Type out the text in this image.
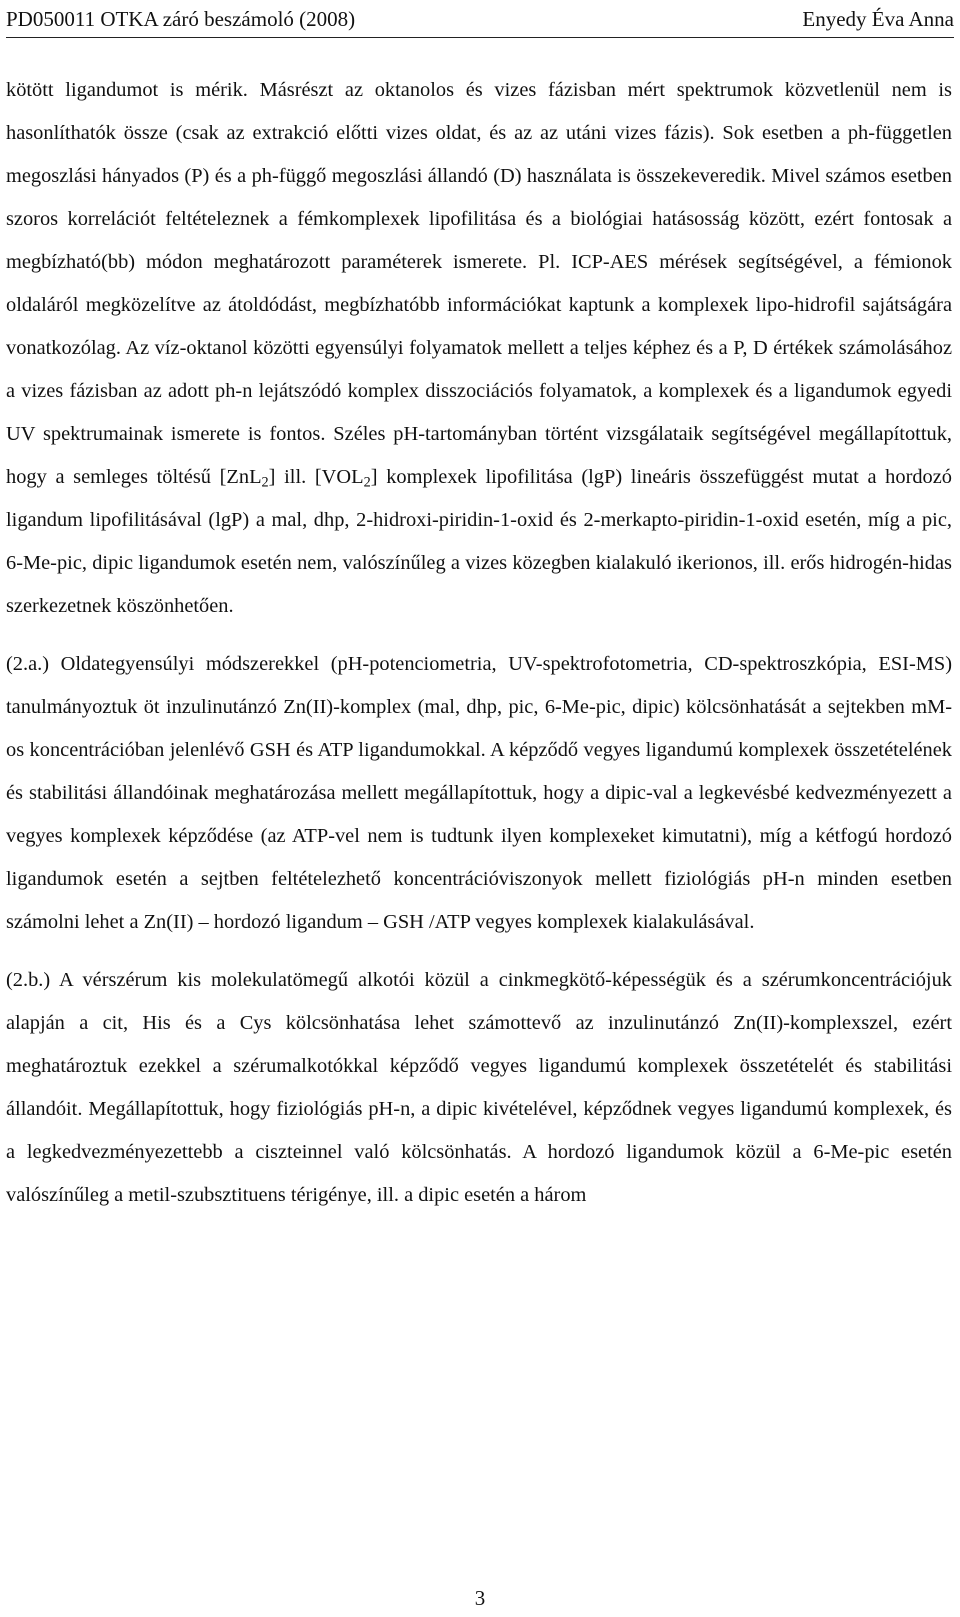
PD050011 OTKA záró beszámoló (2008)	Enyedy Éva Anna

kötött ligandumot is mérik. Másrészt az oktanolos és vizes fázisban mért spektrumok közvetlenül nem is hasonlíthatók össze (csak az extrakció előtti vizes oldat, és az az utáni vizes fázis). Sok esetben a ph-független megoszlási hányados (P) és a ph-függő megoszlási állandó (D) használata is összekeveredik. Mivel számos esetben szoros korrelációt feltételeznek a fémkomplexek lipofilitása és a biológiai hatásosság között, ezért fontosak a megbízható(bb) módon meghatározott paraméterek ismerete. Pl. ICP-AES mérések segítségével, a fémionok oldaláról megközelítve az átoldódást, megbízhatóbb információkat kaptunk a komplexek lipo-hidrofil sajátságára vonatkozólag. Az víz-oktanol közötti egyensúlyi folyamatok mellett a teljes képhez és a P, D értékek számolásához a vizes fázisban az adott ph-n lejátszódó komplex disszociációs folyamatok, a komplexek és a ligandumok egyedi UV spektrumainak ismerete is fontos. Széles pH-tartományban történt vizsgálataik segítségével megállapítottuk, hogy a semleges töltésű [ZnL$_2$] ill. $[VOL_2]$ komplexek lipofilitása (lgP) lineáris összefüggést mutat a hordozó ligandum lipofilitásával (lgP) a mal, dhp, 2-hidroxi-piridin-1-oxid és 2-merkapto-piridin-1-oxid esetén, míg a pic, 6-Me-pic, dipic ligandumok esetén nem, valószínűleg a vizes közegben kialakuló ikerionos, ill. erős hidrogén-hidas szerkezetnek köszönhetően.

(2.a.) Oldategyensúlyi módszerekkel (pH-potenciometria, UV-spektrofotometria, CD-spektroszkópia, ESI-MS) tanulmányoztuk öt inzulinutánzó Zn(II)-komplex (mal, dhp, pic, 6-Me-pic, dipic) kölcsönhatását a sejtekben mM-os koncentrációban jelenlévő GSH és ATP ligandumokkal. A képződő vegyes ligandumú komplexek összetételének és stabilitási állandóinak meghatározása mellett megállapítottuk, hogy a dipic-val a legkevésbé kedvezményezett a vegyes komplexek képződése (az ATP-vel nem is tudtunk ilyen komplexeket kimutatni), míg a kétfogú hordozó ligandumok esetén a sejtben feltételezhető koncentrációviszonyok mellett fiziológiás pH-n minden esetben számolni lehet a Zn(II) – hordozó ligandum – GSH /ATP vegyes komplexek kialakulásával.

(2.b.) A vérszérum kis molekulatömegű alkotói közül a cinkmegkötő-képességük és a szérumkoncentrációjuk alapján a cit, His és a Cys kölcsönhatása lehet számottevő az inzulinutánzó Zn(II)-komplexszel, ezért meghatároztuk ezekkel a szérumalkotókkal képződő vegyes ligandumú komplexek összetételét és stabilitási állandóit. Megállapítottuk, hogy fiziológiás pH-n, a dipic kivételével, képződnek vegyes ligandumú komplexek, és a legkedvezményezettebb a ciszteinnel való kölcsönhatás. A hordozó ligandumok közül a 6-Me-pic esetén valószínűleg a metil-szubsztituens térigénye, ill. a dipic esetén a három

3
